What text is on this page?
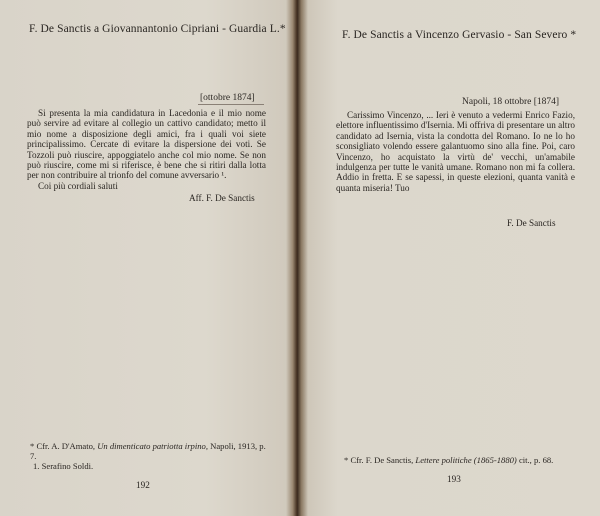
F. De Sanctis a Giovannantonio Cipriani - Guardia L.*
[ottobre 1874]

Si presenta la mia candidatura in Lacedonia e il mio nome può servire ad evitare al collegio un cattivo candidato; metto il mio nome a disposizione degli amici, fra i quali voi siete principalissimo. Cercate di evitare la dispersione dei voti. Se Tozzoli può riuscire, appoggiatelo anche col mio nome. Se non può riuscire, come mi si riferisce, è bene che si ritiri dalla lotta per non contribuire al trionfo del comune avversario ¹.

Coi più cordiali saluti

Aff. F. De Sanctis

* Cfr. A. D'Amato, Un dimenticato patriotta irpino, Napoli, 1913, p. 7.

1. Serafino Soldi.

192
F. De Sanctis a Vincenzo Gervasio - San Severo *
Napoli, 18 ottobre [1874]

Carissimo Vincenzo, ... Ieri è venuto a vedermi Enrico Fazio, elettore influentissimo d'Isernia. Mi offriva di presentare un altro candidato ad Isernia, vista la condotta del Romano. Io ne lo ho sconsigliato volendo essere galantuomo sino alla fine. Poi, caro Vincenzo, ho acquistato la virtù de' vecchi, un'amabile indulgenza per tutte le vanità umane. Romano non mi fa collera. Addio in fretta. E se sapessi, in queste elezioni, quanta vanità e quanta miseria! Tuo

F. De Sanctis
* Cfr. F. De Sanctis, Lettere politiche (1865-1880) cit., p. 68.
193
